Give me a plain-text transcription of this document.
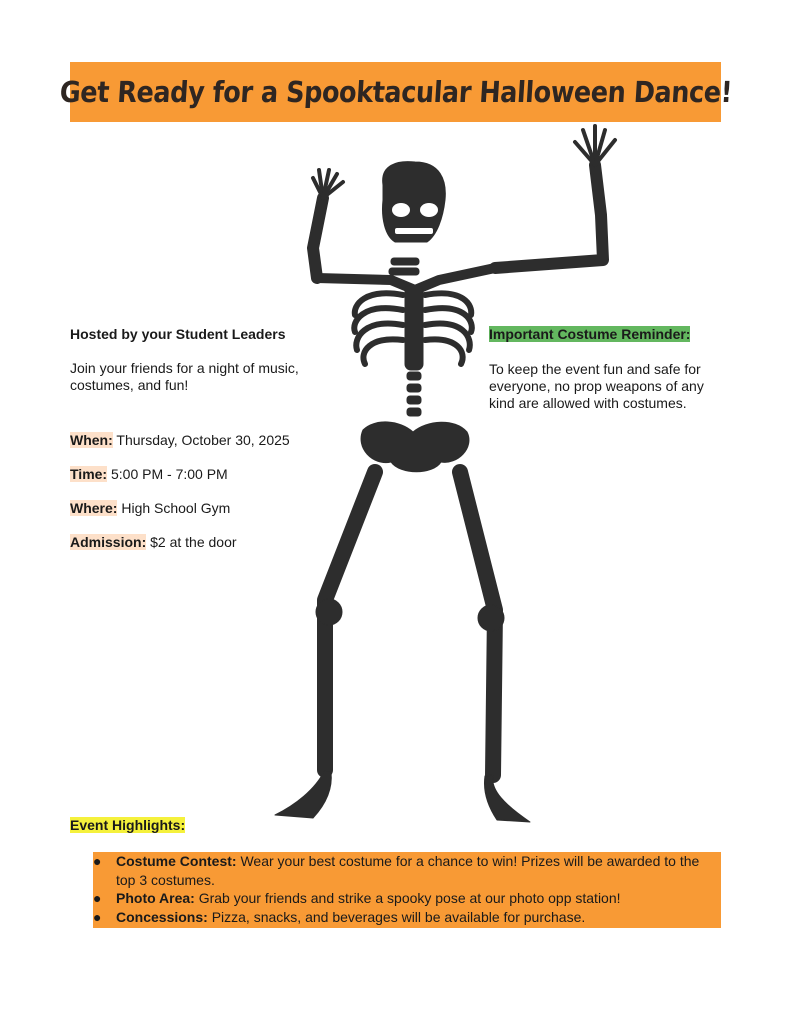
Get Ready for a Spooktacular Halloween Dance!

Hosted by your Student Leaders

Join your friends for a night of music, costumes, and fun!

When: Thursday, October 30, 2025

Time: 5:00 PM - 7:00 PM

Where: High School Gym

Admission: $2 at the door

Important Costume Reminder:

To keep the event fun and safe for everyone, no prop weapons of any kind are allowed with costumes.

Event Highlights:
● Costume Contest: Wear your best costume for a chance to win! Prizes will be awarded to the top 3 costumes.
● Photo Area: Grab your friends and strike a spooky pose at our photo opp station!
● Concessions: Pizza, snacks, and beverages will be available for purchase.
